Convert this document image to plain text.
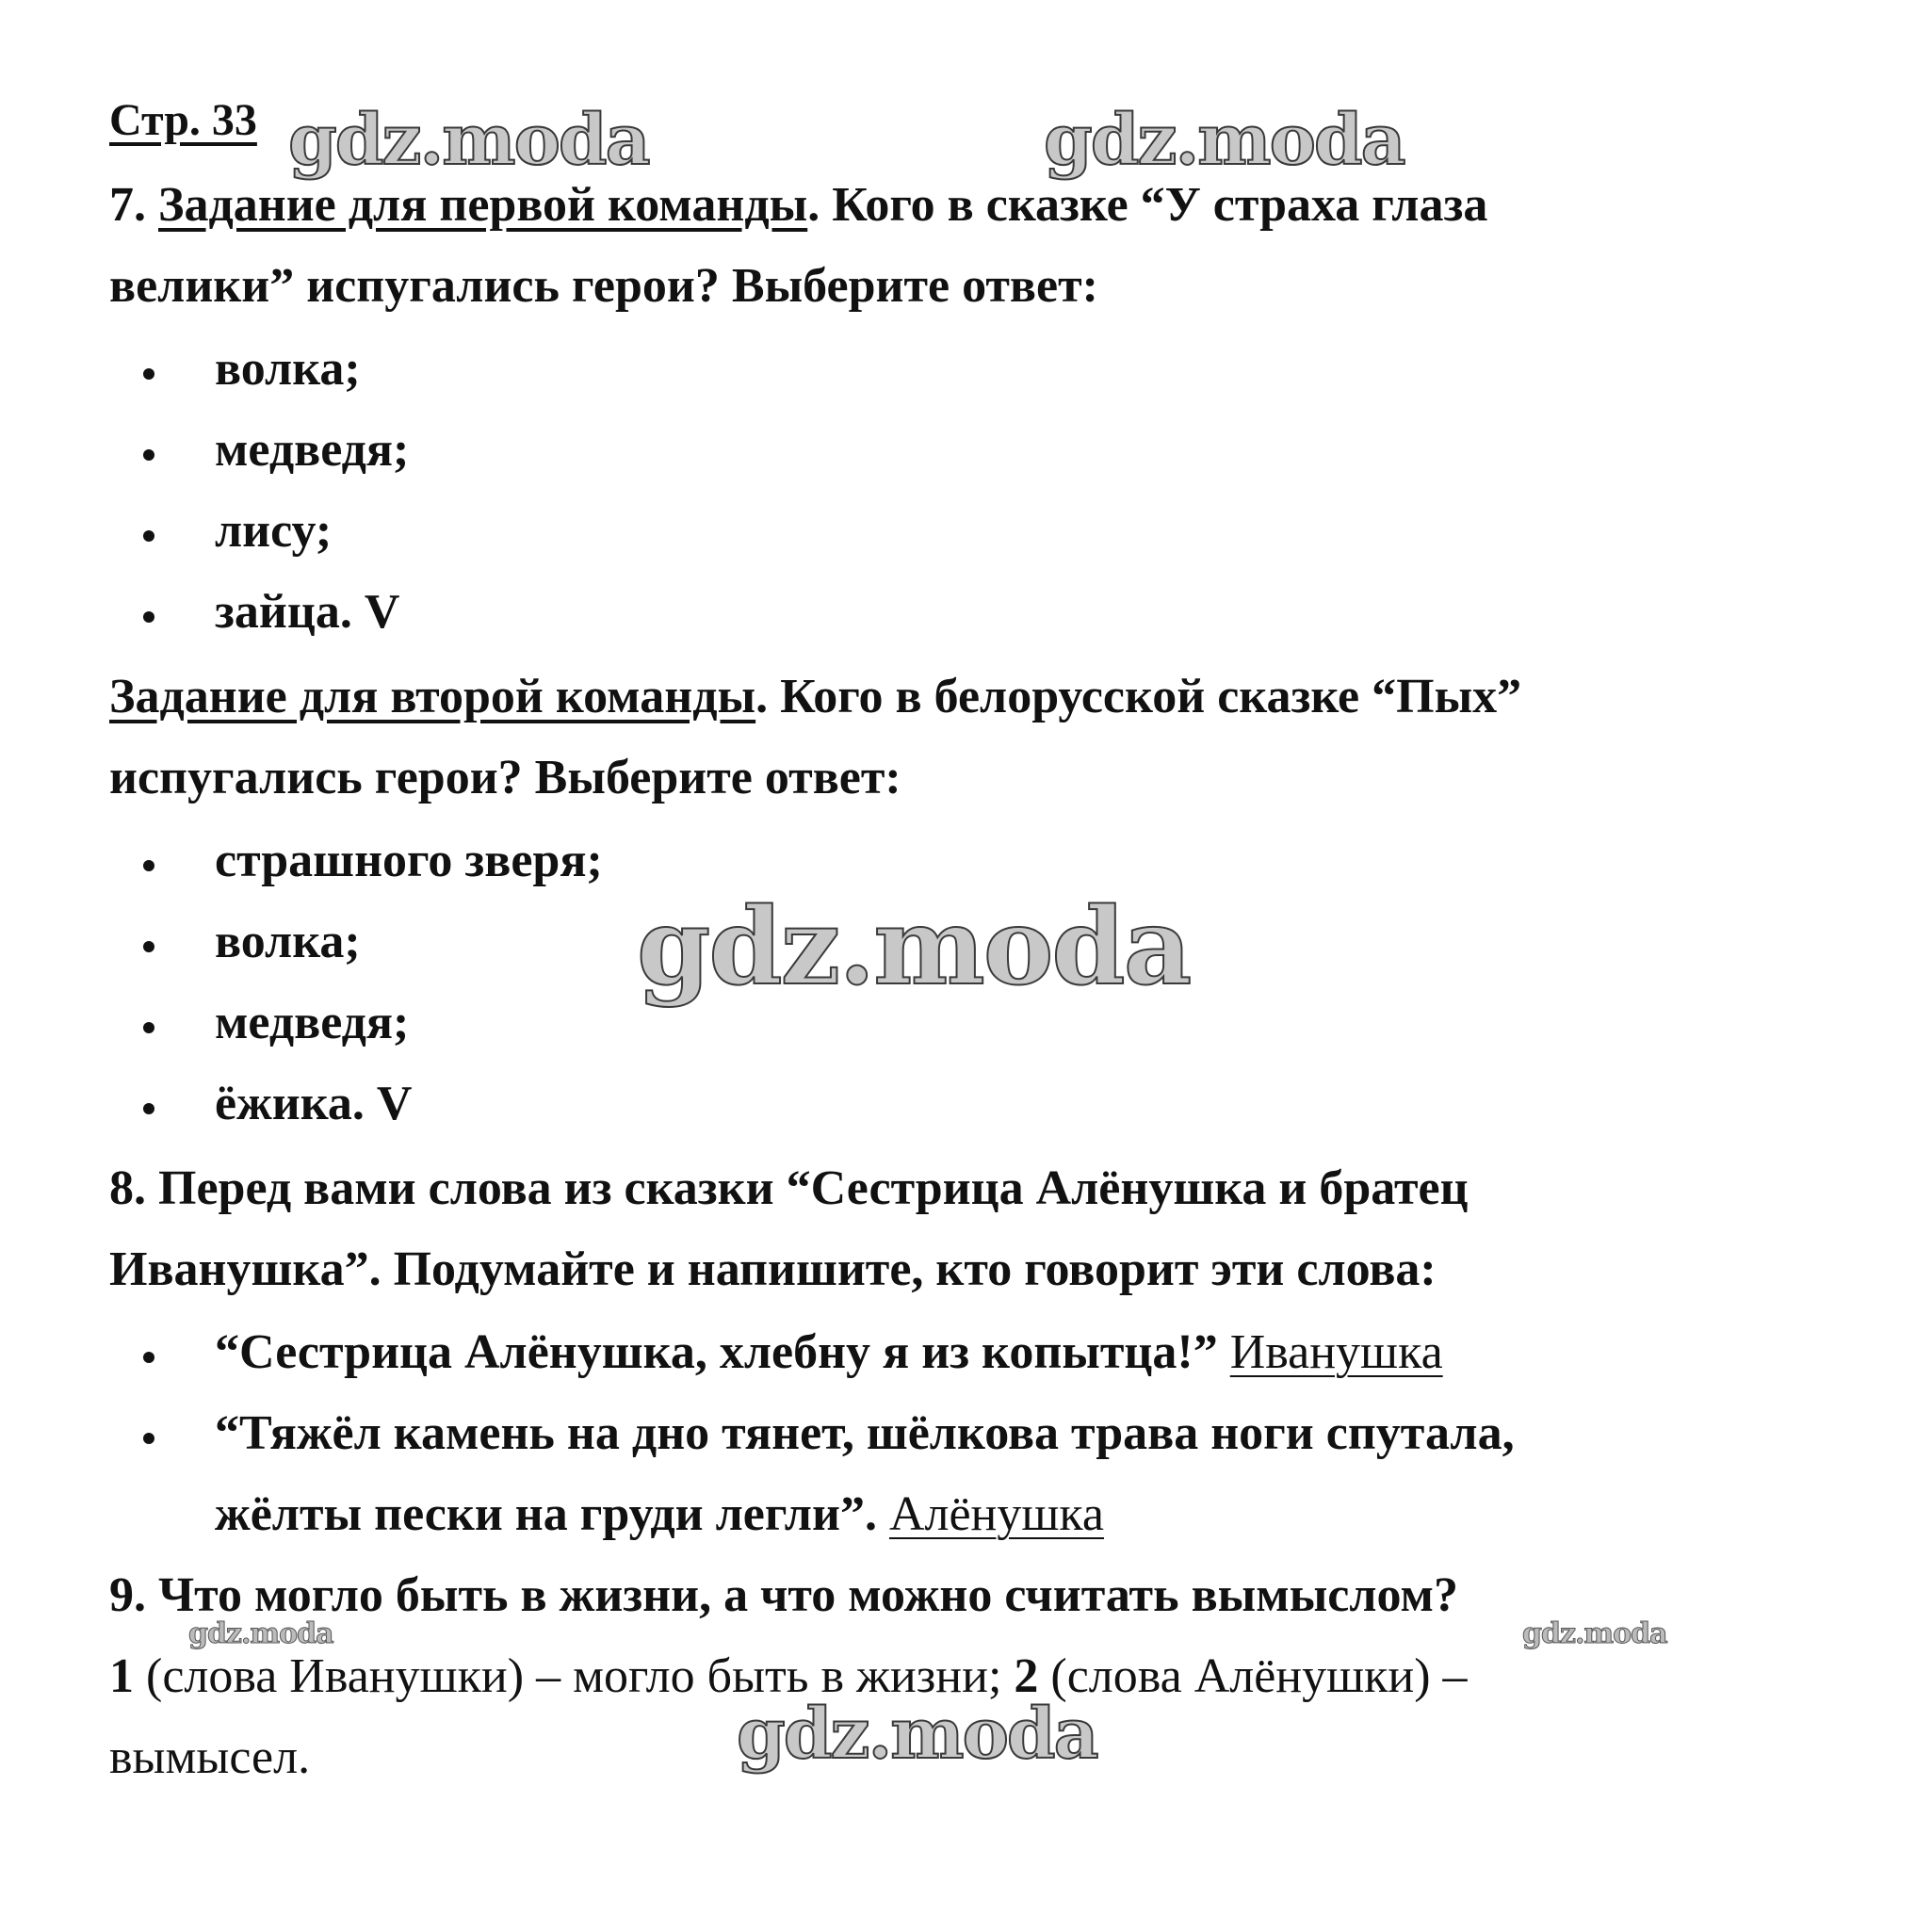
Стр. 33
7. Задание для первой команды. Кого в сказке “У страха глаза
велики” испугались герои? Выберите ответ:
волка;
медведя;
лису;
зайца. V
Задание для второй команды. Кого в белорусской сказке “Пых”
испугались герои? Выберите ответ:
страшного зверя;
волка;
медведя;
ёжика. V
8. Перед вами слова из сказки “Сестрица Алёнушка и братец
Иванушка”. Подумайте и напишите, кто говорит эти слова:
“Сестрица Алёнушка, хлебну я из копытца!” Иванушка
“Тяжёл камень на дно тянет, шёлкова трава ноги спутала,
жёлты пески на груди легли”. Алёнушка
9. Что могло быть в жизни, а что можно считать вымыслом?
1 (слова Иванушки) – могло быть в жизни; 2 (слова Алёнушки) –
вымысел.
gdz.moda	gdz.moda
gdz.moda
gdz.moda	gdz.moda
gdz.moda
